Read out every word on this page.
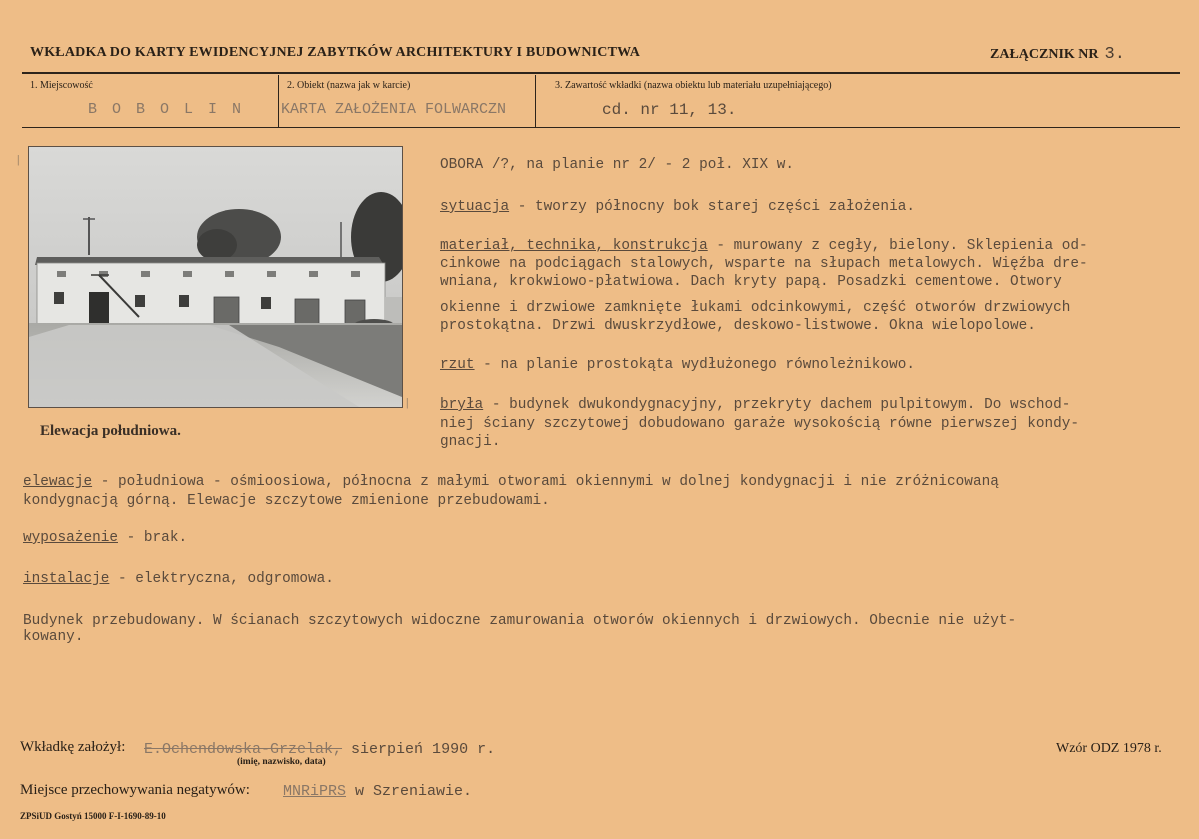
WKŁADKA DO KARTY EWIDENCYJNEJ ZABYTKÓW ARCHITEKTURY I BUDOWNICTWA	ZAŁĄCZNIK NR 3.
1. Miejscowość
B O B O L I N
2. Obiekt (nazwa jak w karcie)
KARTA ZAŁOŻENIA FOLWARCZN
3. Zawartość wkładki (nazwa obiektu lub materiału uzupełniającego)
cd. nr 11, 13.
|
|
Elewacja południowa.

OBORA /?, na planie nr 2/ - 2 poł. XIX w.

sytuacja - tworzy północny bok starej części założenia.

materiał, technika, konstrukcja - murowany z cegły, bielony. Sklepienia od-

cinkowe na podciągach stalowych, wsparte na słupach metalowych. Więźba dre-

wniana, krokwiowo-płatwiowa. Dach kryty papą. Posadzki cementowe. Otwory

okienne i drzwiowe zamknięte łukami odcinkowymi, część otworów drzwiowych

prostokątna. Drzwi dwuskrzydłowe, deskowo-listwowe. Okna wielopolowe.

rzut - na planie prostokąta wydłużonego równoleżnikowo.

bryła - budynek dwukondygnacyjny, przekryty dachem pulpitowym. Do wschod-

niej ściany szczytowej dobudowano garaże wysokością równe pierwszej kondy-

gnacji.

elewacje - południowa - ośmioosiowa, północna z małymi otworami okiennymi w dolnej kondygnacji i nie zróżnicowaną

kondygnacją górną. Elewacje szczytowe zmienione przebudowami.

wyposażenie - brak.

instalacje - elektryczna, odgromowa.

Budynek przebudowany. W ścianach szczytowych widoczne zamurowania otworów okiennych i drzwiowych. Obecnie nie użyt-

kowany.

Wkładkę założył: E.Ochendowska-Grzelak, sierpień 1990 r.
(imię, nazwisko, data)
Wzór ODZ 1978 r.
Miejsce przechowywania negatywów: MNRiPRS w Szreniawie.
ZPSiUD Gostyń 15000 F-I-1690-89-10
